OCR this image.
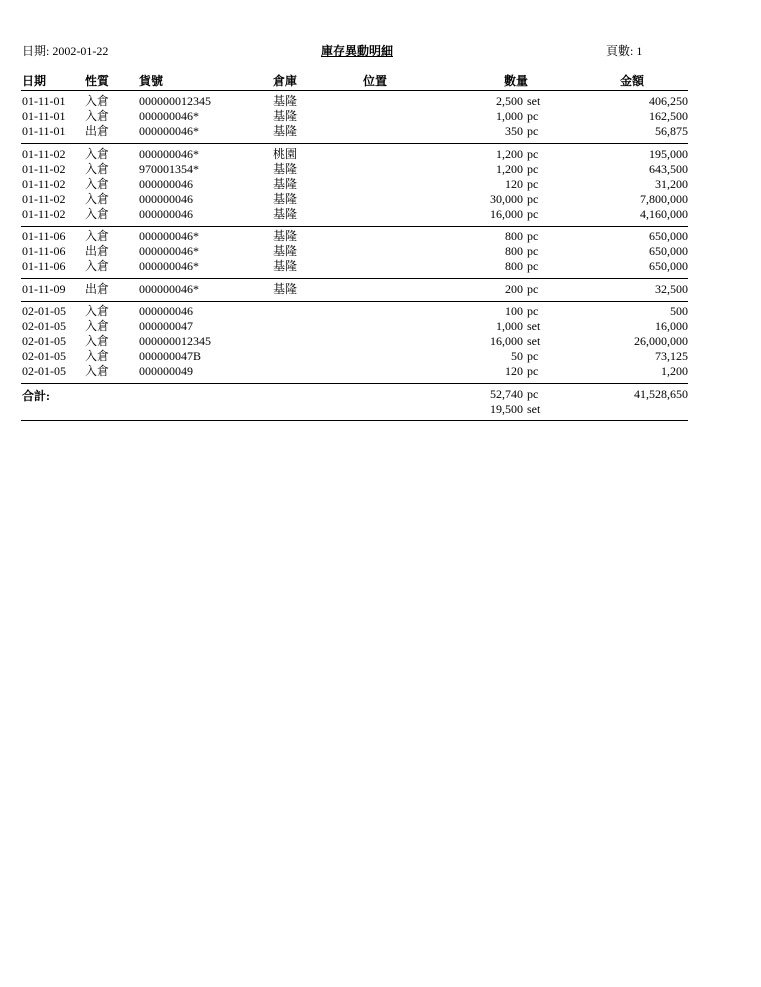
日期: 2002-01-22	庫存異動明細	頁數: 1
日期	性質 貨號	倉庫	位置	數量	金額
01-11-01 入倉 000000012345	基隆	2,500 set	406,250
01-11-01 入倉 000000046*	基隆	1,000 pc	162,500
01-11-01 出倉 000000046*	基隆	350 pc	56,875
01-11-02 入倉 000000046*	桃園	1,200 pc	195,000
01-11-02 入倉 970001354*	基隆	1,200 pc	643,500
01-11-02 入倉 000000046	基隆	120 pc	31,200
01-11-02 入倉 000000046	基隆	30,000 pc	7,800,000
01-11-02 入倉 000000046	基隆	16,000 pc	4,160,000
01-11-06 入倉 000000046*	基隆	800 pc	650,000
01-11-06 出倉 000000046*	基隆	800 pc	650,000
01-11-06 入倉 000000046*	基隆	800 pc	650,000
01-11-09 出倉 000000046*	基隆	200 pc	32,500
02-01-05 入倉 000000046	100 pc	500
02-01-05 入倉 000000047	1,000 set	16,000
02-01-05 入倉 000000012345	16,000 set	26,000,000
02-01-05 入倉 000000047B	50 pc	73,125
02-01-05 入倉 000000049	120 pc	1,200
合計:	52,740 pc	41,528,650
19,500 set
